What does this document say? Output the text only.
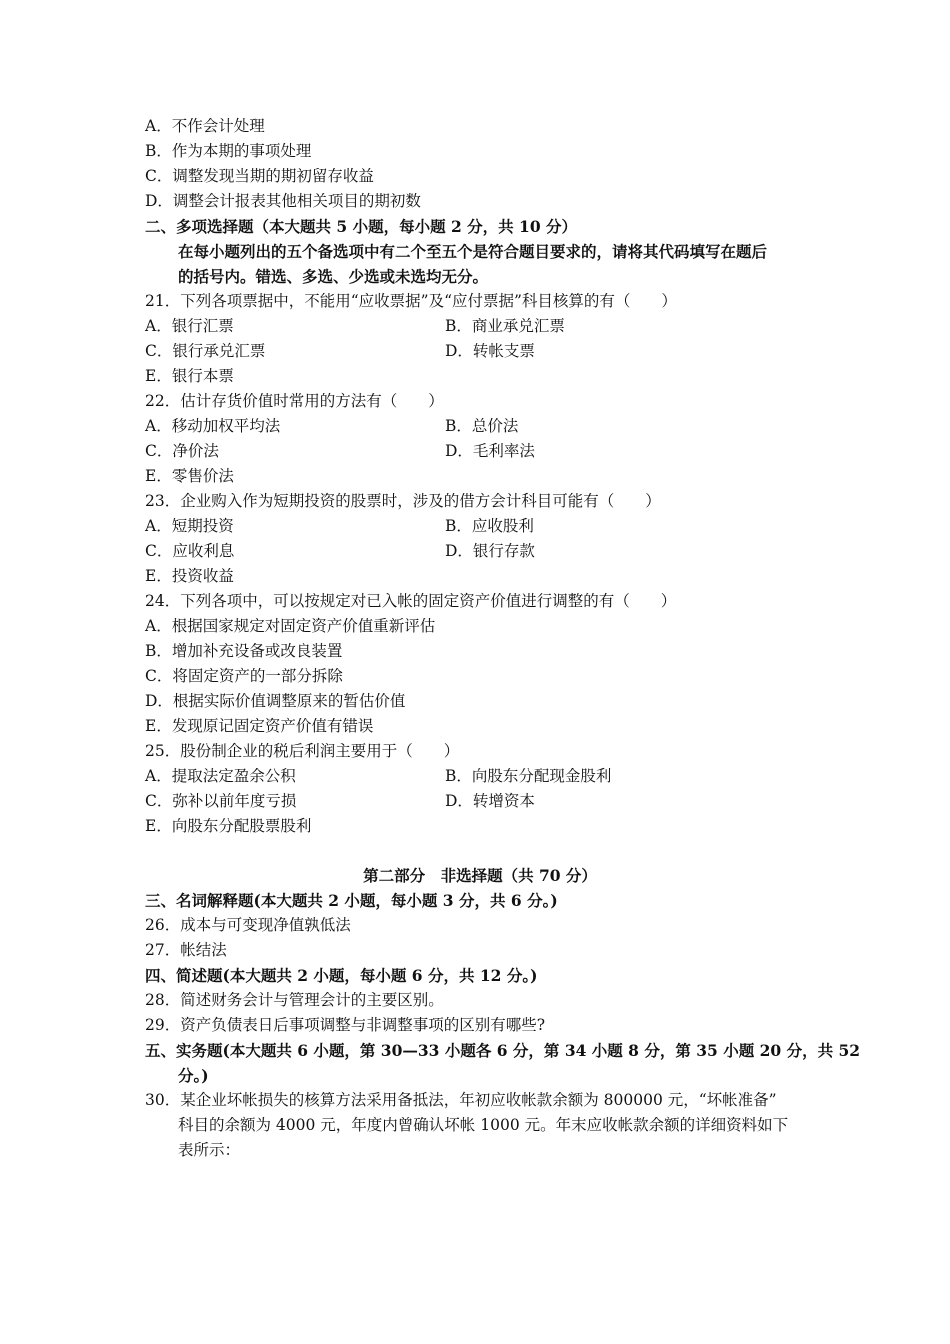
A．不作会计处理
B．作为本期的事项处理
C．调整发现当期的期初留存收益
D．调整会计报表其他相关项目的期初数
二、多项选择题（本大题共 5 小题，每小题 2 分，共 10 分）
在每小题列出的五个备选项中有二个至五个是符合题目要求的，请将其代码填写在题后
的括号内。错选、多选、少选或未选均无分。
21．下列各项票据中，不能用“应收票据”及“应付票据”科目核算的有（　　）
A．银行汇票	B．商业承兑汇票
C．银行承兑汇票	D．转帐支票
E．银行本票
22．估计存货价值时常用的方法有（　　）
A．移动加权平均法	B．总价法
C．净价法	D．毛利率法
E．零售价法
23．企业购入作为短期投资的股票时，涉及的借方会计科目可能有（　　）
A．短期投资	B．应收股利
C．应收利息	D．银行存款
E．投资收益
24．下列各项中，可以按规定对已入帐的固定资产价值进行调整的有（　　）
A．根据国家规定对固定资产价值重新评估
B．增加补充设备或改良装置
C．将固定资产的一部分拆除
D．根据实际价值调整原来的暂估价值
E．发现原记固定资产价值有错误
25．股份制企业的税后利润主要用于（　　）
A．提取法定盈余公积	B．向股东分配现金股利
C．弥补以前年度亏损	D．转增资本
E．向股东分配股票股利
第二部分　非选择题（共 70 分）
三、名词解释题(本大题共 2 小题，每小题 3 分，共 6 分。)
26．成本与可变现净值孰低法
27．帐结法
四、简述题(本大题共 2 小题，每小题 6 分，共 12 分。)
28．简述财务会计与管理会计的主要区别。
29．资产负债表日后事项调整与非调整事项的区别有哪些?
五、实务题(本大题共 6 小题，第 30—33 小题各 6 分，第 34 小题 8 分，第 35 小题 20 分，共 52
分。)
30．某企业坏帐损失的核算方法采用备抵法，年初应收帐款余额为 800000 元，“坏帐准备”
科目的余额为 4000 元，年度内曾确认坏帐 1000 元。年末应收帐款余额的详细资料如下
表所示：
